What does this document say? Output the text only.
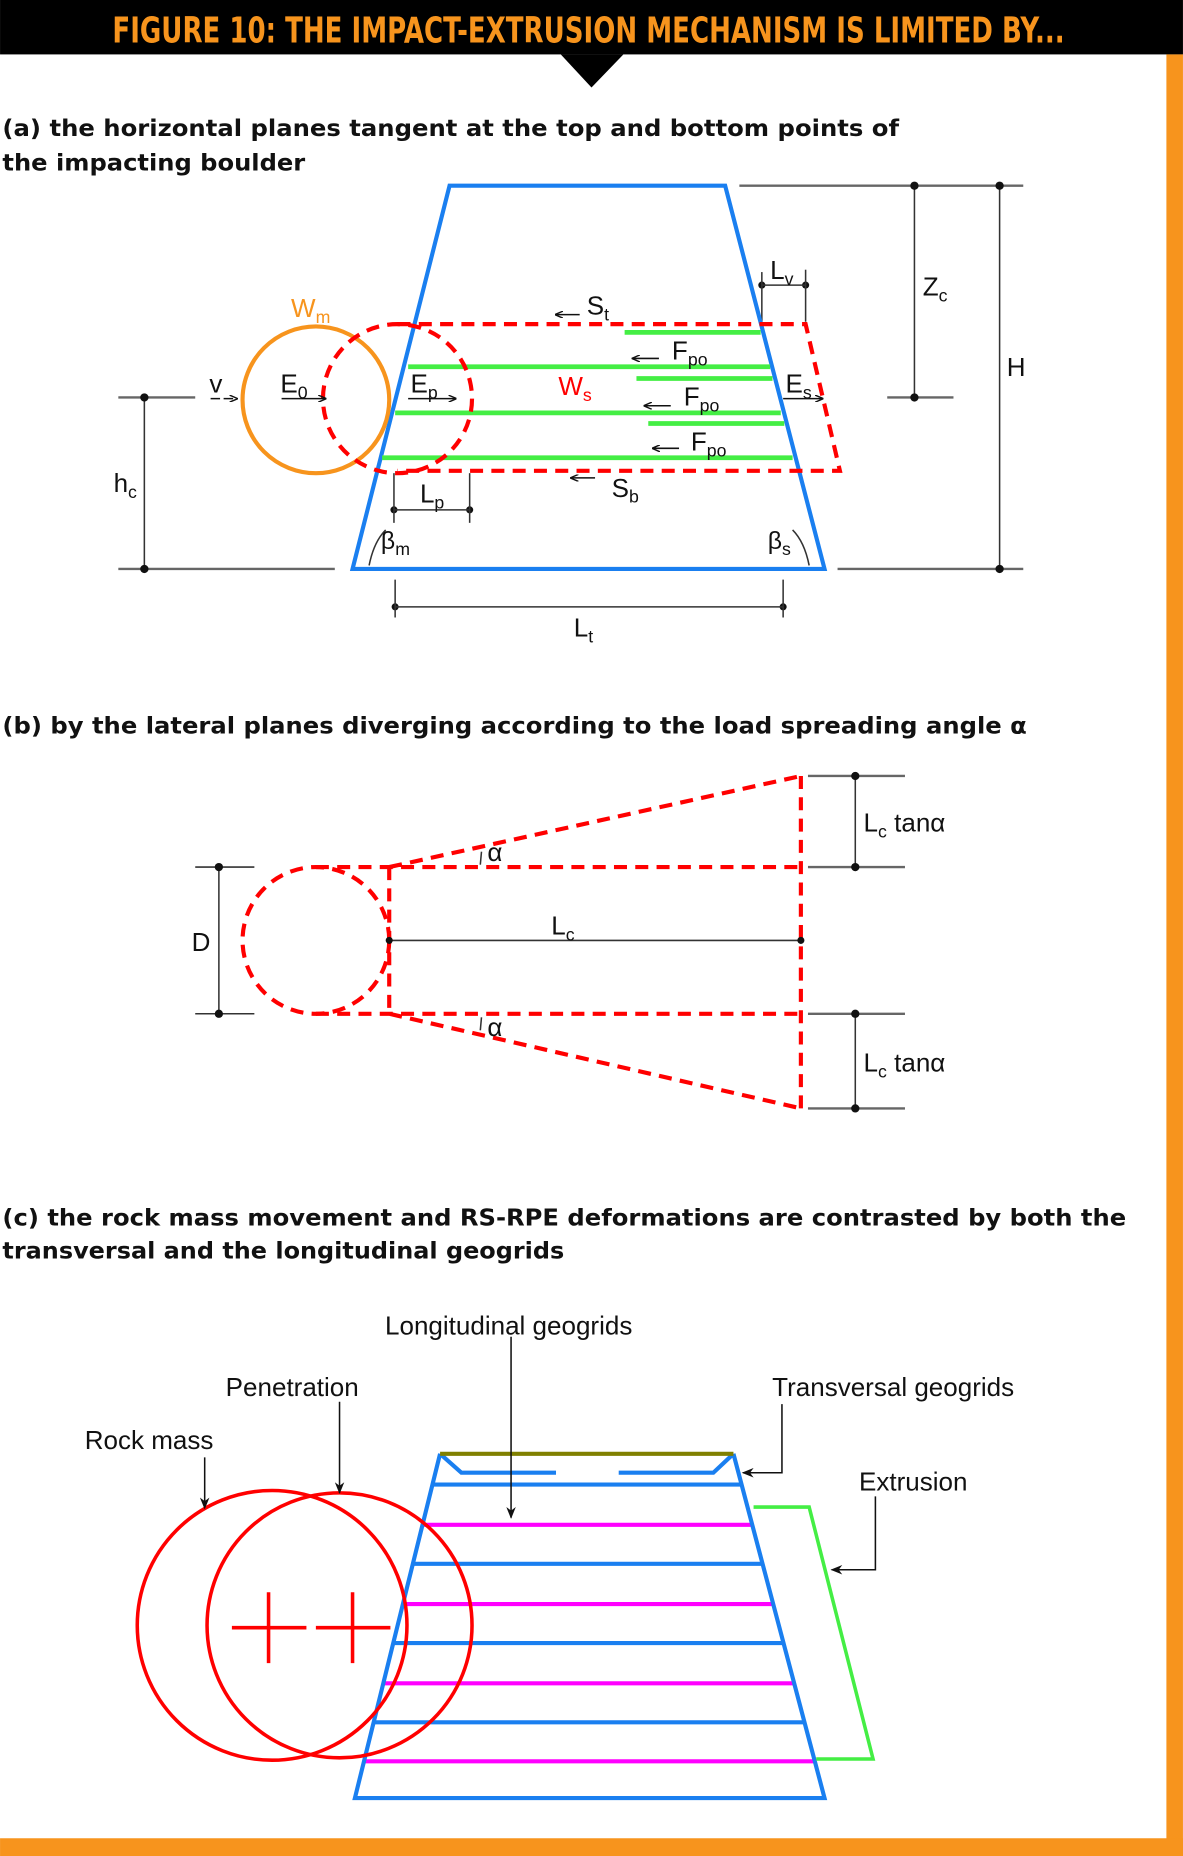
FIGURE 10: THE IMPACT-EXTRUSION MECHANISM IS LIMITED BY...
(a) the horizontal planes tangent at the top and bottom points of
the impacting boulder
$W_m$
$W_s$
v	$E_0$	$E_p$	$E_s$
$S_t$
$S_b$
$F_{po}$
$F_{po}$
$F_{po}$
$L_v$
$L_p$
$L_t$
$Z_c$
H
$h_c$
$\beta_m$	$\beta_s$
(b) by the lateral planes diverging according to the load spreading angle α
D
$L_c$
α
α
$L_c$ tanα
$L_c$ tanα
(c) the rock mass movement and RS-RPE deformations are contrasted by both the
transversal and the longitudinal geogrids
Longitudinal geogrids
Penetration
Rock mass
Transversal geogrids
Extrusion
